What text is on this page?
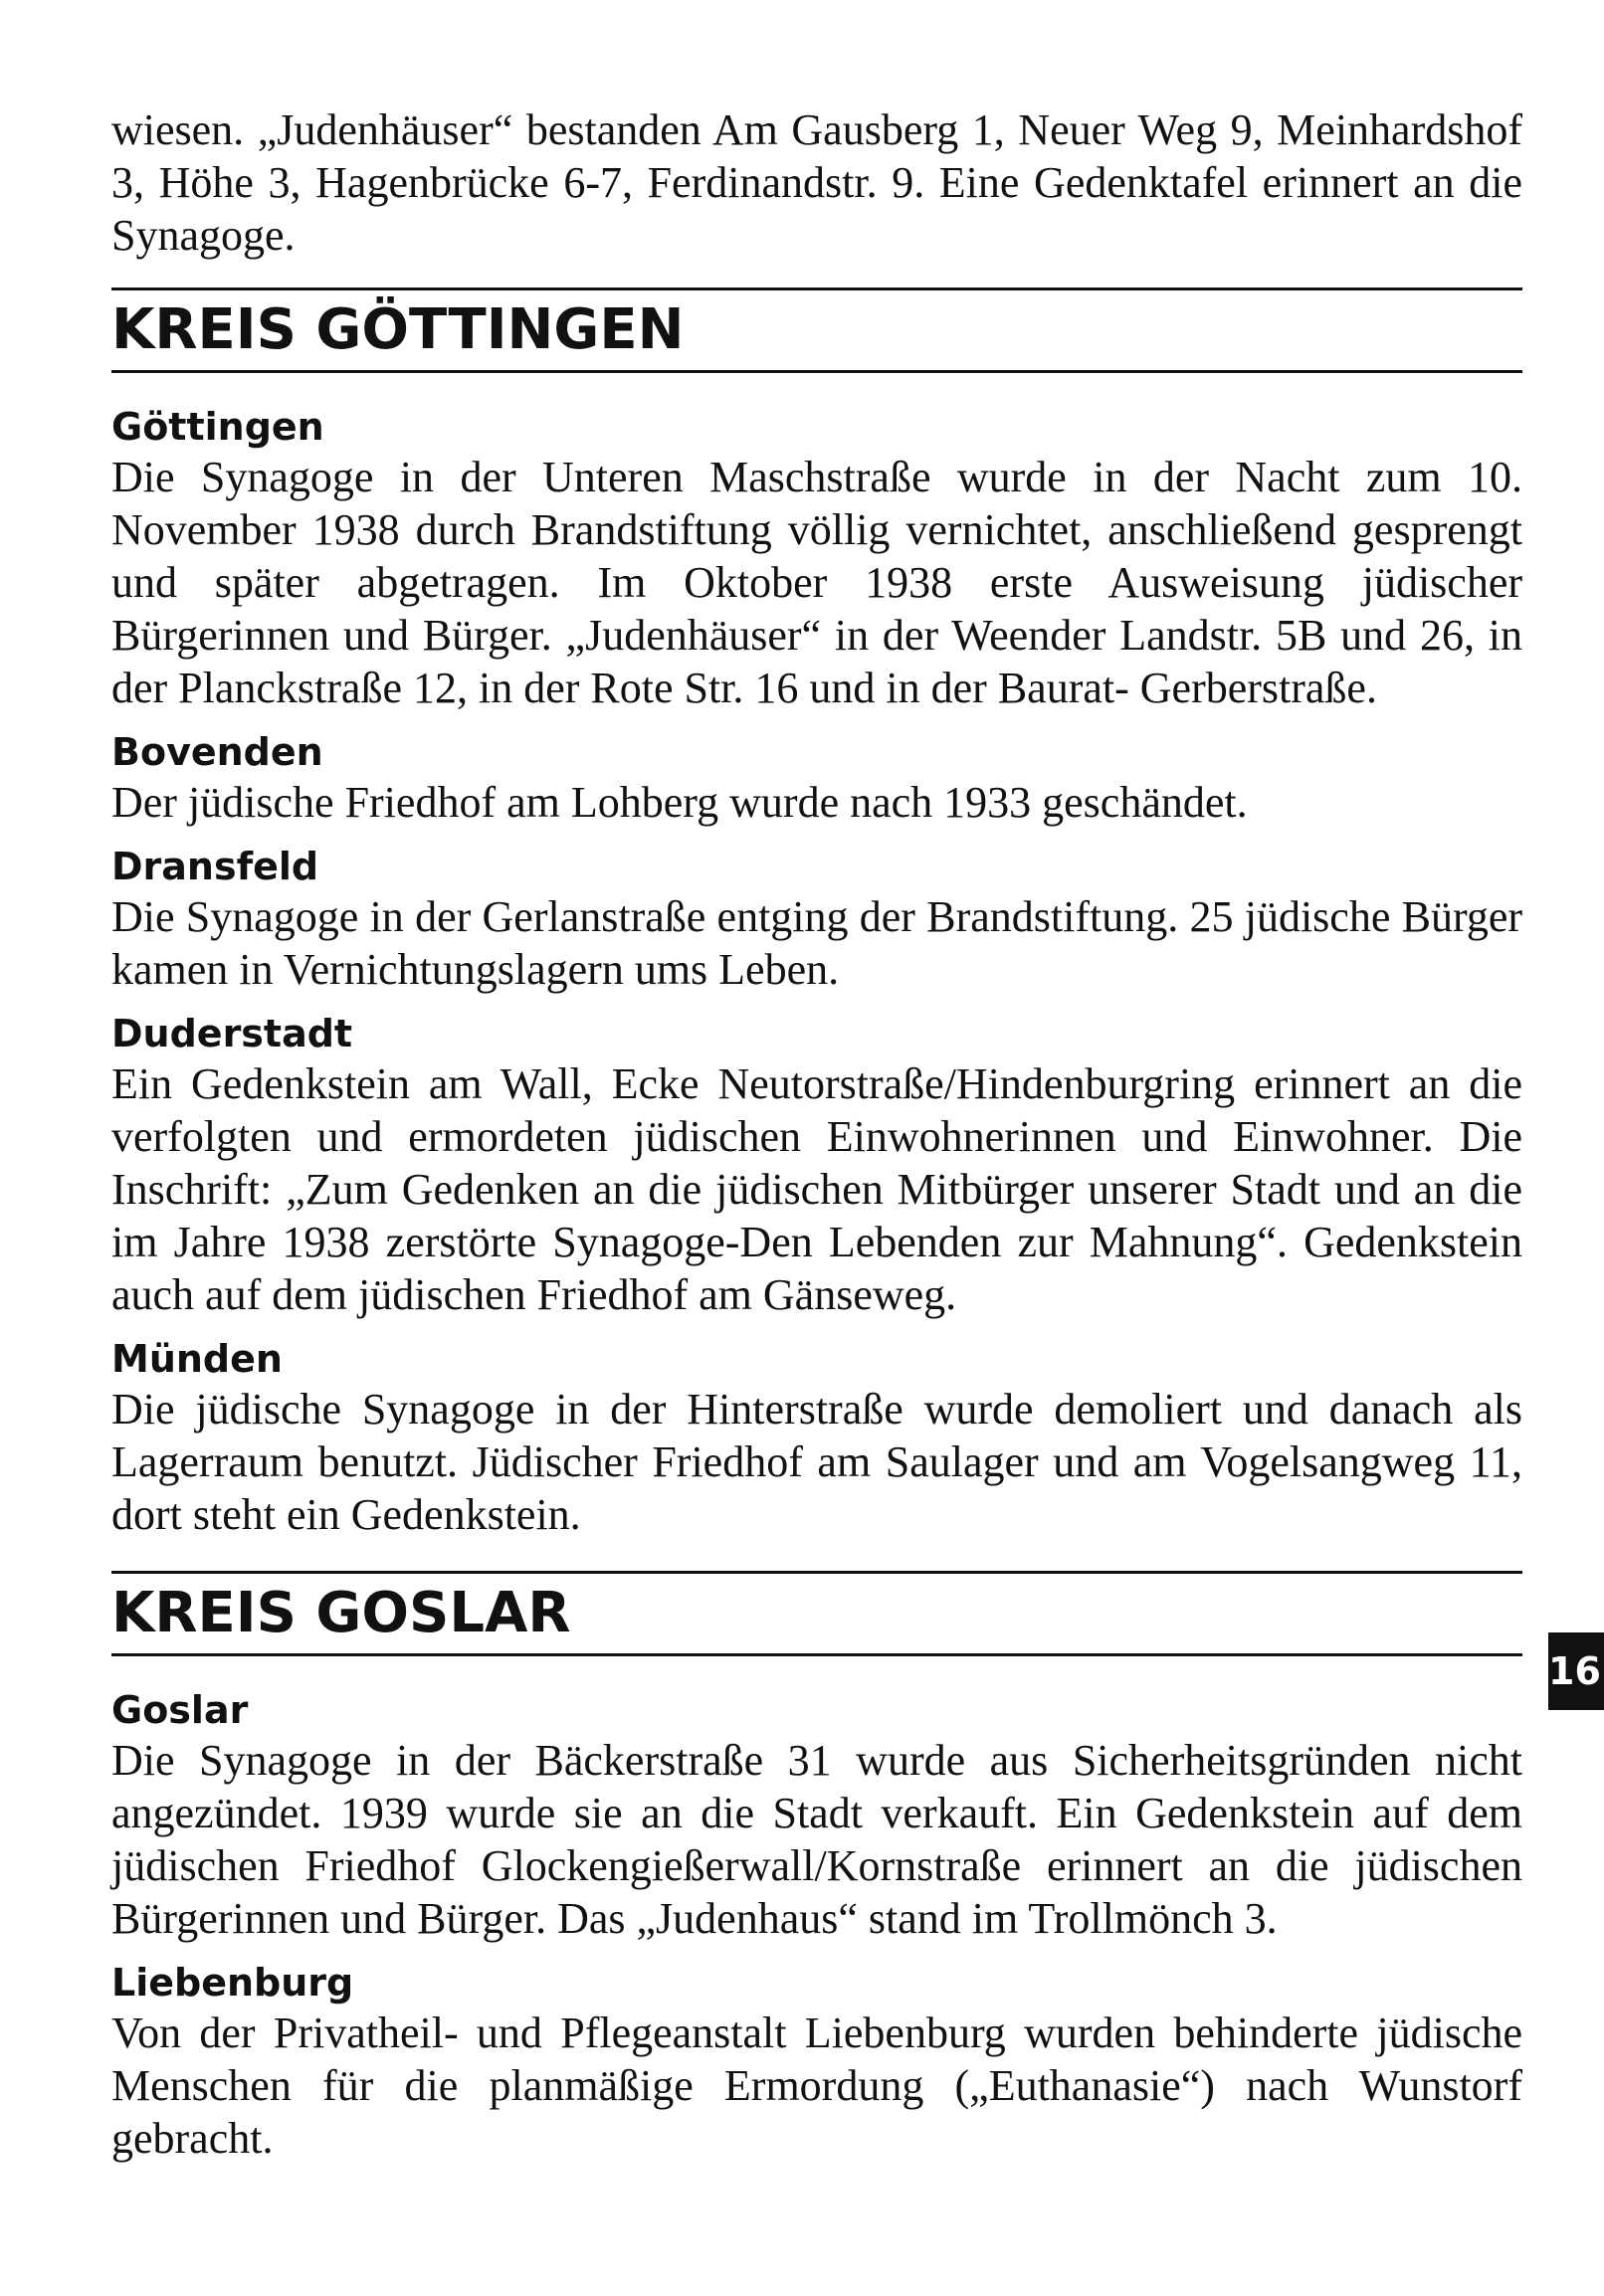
wiesen. „Judenhäuser“ bestanden Am Gausberg 1, Neuer Weg 9, Meinhardshof 3, Höhe 3, Hagenbrücke 6-7, Ferdinandstr. 9. Eine Gedenktafel erinnert an die Synagoge.

KREIS GÖTTINGEN
Göttingen

Die Synagoge in der Unteren Maschstraße wurde in der Nacht zum 10. November 1938 durch Brandstiftung völlig vernichtet, anschließend gesprengt und später abgetragen. Im Oktober 1938 erste Ausweisung jüdischer Bürgerinnen und Bürger. „Judenhäuser“ in der Weender Landstr. 5B und 26, in der Planckstraße 12, in der Rote Str. 16 und in der Baurat- Gerberstraße.

Bovenden

Der jüdische Friedhof am Lohberg wurde nach 1933 geschändet.

Dransfeld

Die Synagoge in der Gerlanstraße entging der Brandstiftung. 25 jüdische Bürger kamen in Vernichtungslagern ums Leben.

Duderstadt

Ein Gedenkstein am Wall, Ecke Neutorstraße/Hindenburgring erinnert an die verfolgten und ermordeten jüdischen Einwohnerinnen und Einwohner. Die Inschrift: „Zum Gedenken an die jüdischen Mitbürger unserer Stadt und an die im Jahre 1938 zerstörte Synagoge-Den Lebenden zur Mahnung“. Gedenkstein auch auf dem jüdischen Friedhof am Gänseweg.

Münden

Die jüdische Synagoge in der Hinterstraße wurde demoliert und danach als Lagerraum benutzt. Jüdischer Friedhof am Saulager und am Vogelsangweg 11, dort steht ein Gedenkstein.

KREIS GOSLAR
Goslar

Die Synagoge in der Bäckerstraße 31 wurde aus Sicherheitsgründen nicht angezündet. 1939 wurde sie an die Stadt verkauft. Ein Gedenkstein auf dem jüdischen Friedhof Glockengießerwall/Kornstraße erinnert an die jüdischen Bürgerinnen und Bürger. Das „Judenhaus“ stand im Trollmönch 3.

Liebenburg

Von der Privatheil- und Pflegeanstalt Liebenburg wurden behinderte jüdische Menschen für die planmäßige Ermordung („Euthanasie“) nach Wunstorf gebracht.

16
